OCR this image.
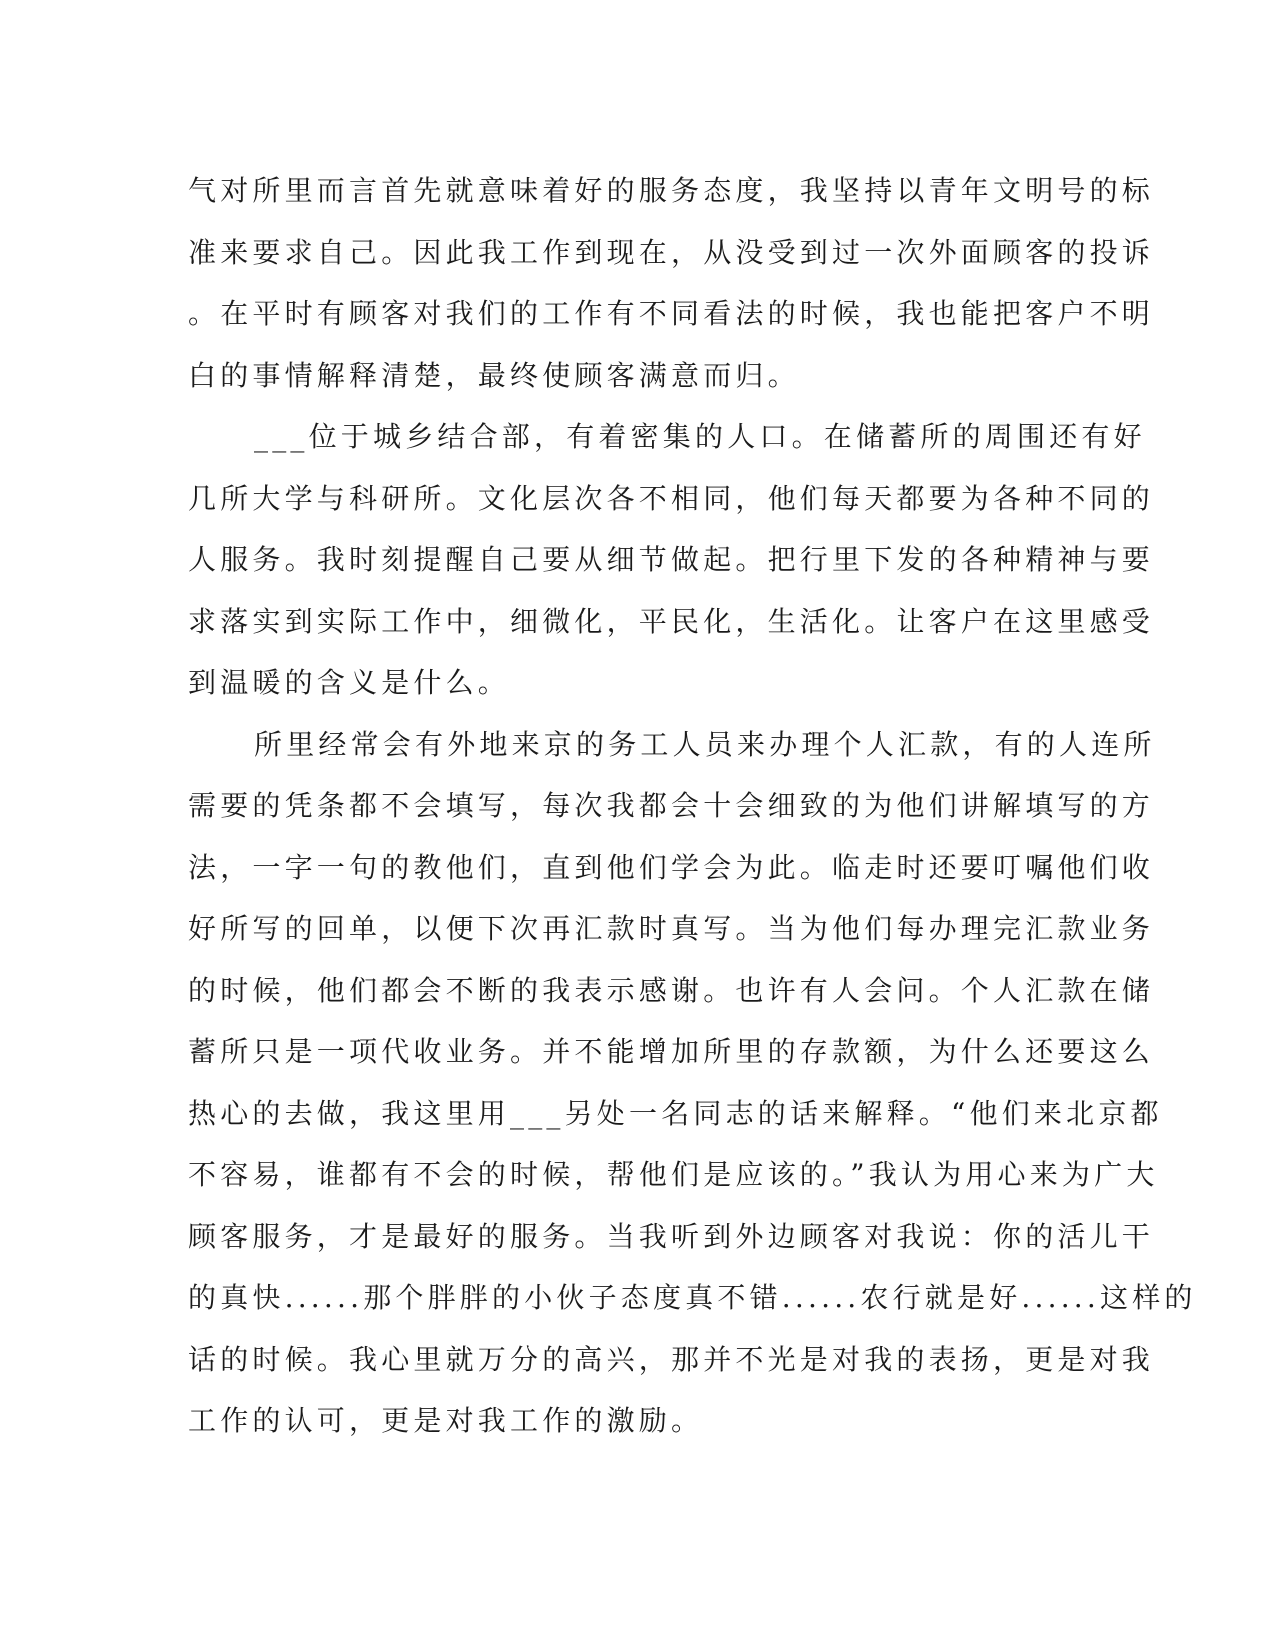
气对所里而言首先就意味着好的服务态度，我坚持以青年文明号的标
准来要求自己。因此我工作到现在，从没受到过一次外面顾客的投诉
。在平时有顾客对我们的工作有不同看法的时候，我也能把客户不明
白的事情解释清楚，最终使顾客满意而归。
___位于城乡结合部，有着密集的人口。在储蓄所的周围还有好
几所大学与科研所。文化层次各不相同，他们每天都要为各种不同的
人服务。我时刻提醒自己要从细节做起。把行里下发的各种精神与要
求落实到实际工作中，细微化，平民化，生活化。让客户在这里感受
到温暖的含义是什么。
所里经常会有外地来京的务工人员来办理个人汇款，有的人连所
需要的凭条都不会填写，每次我都会十会细致的为他们讲解填写的方
法，一字一句的教他们，直到他们学会为此。临走时还要叮嘱他们收
好所写的回单，以便下次再汇款时真写。当为他们每办理完汇款业务
的时候，他们都会不断的我表示感谢。也许有人会问。个人汇款在储
蓄所只是一项代收业务。并不能增加所里的存款额，为什么还要这么
热心的去做，我这里用___另处一名同志的话来解释。“他们来北京都
不容易，谁都有不会的时候，帮他们是应该的。”我认为用心来为广大
顾客服务，才是最好的服务。当我听到外边顾客对我说：你的活儿干
的真快......那个胖胖的小伙子态度真不错......农行就是好......这样的
话的时候。我心里就万分的高兴，那并不光是对我的表扬，更是对我
工作的认可，更是对我工作的激励。
